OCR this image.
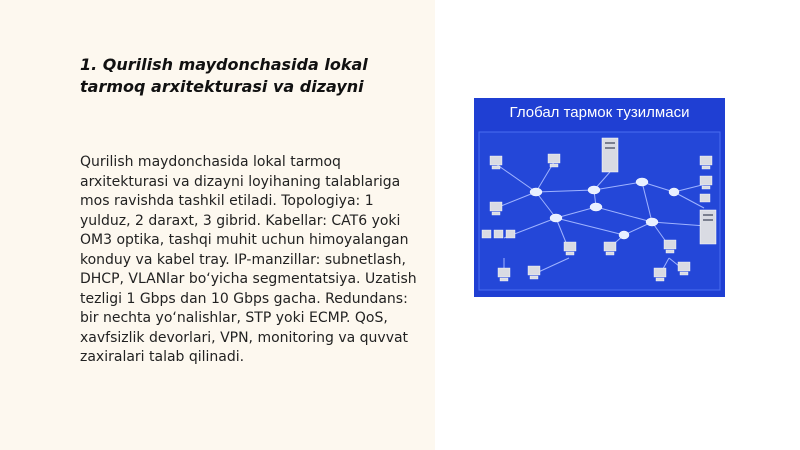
1. Qurilish maydonchasida lokal tarmoq arxitekturasi va dizayni

Qurilish maydonchasida lokal tarmoq arxitekturasi va dizayni loyihaning talablariga mos ravishda tashkil etiladi. Topologiya: 1 yulduz, 2 daraxt, 3 gibrid. Kabellar: CAT6 yoki OM3 optika, tashqi muhit uchun himoyalangan konduy va kabel tray. IP-manzillar: subnetlash, DHCP, VLANlar bo‘yicha segmentatsiya. Uzatish tezligi 1 Gbps dan 10 Gbps gacha. Redundans: bir nechta yo‘nalishlar, STP yoki ECMP. QoS, xavfsizlik devorlari, VPN, monitoring va quvvat zaxiralari talab qilinadi.

Глобал тармок тузилмаси
